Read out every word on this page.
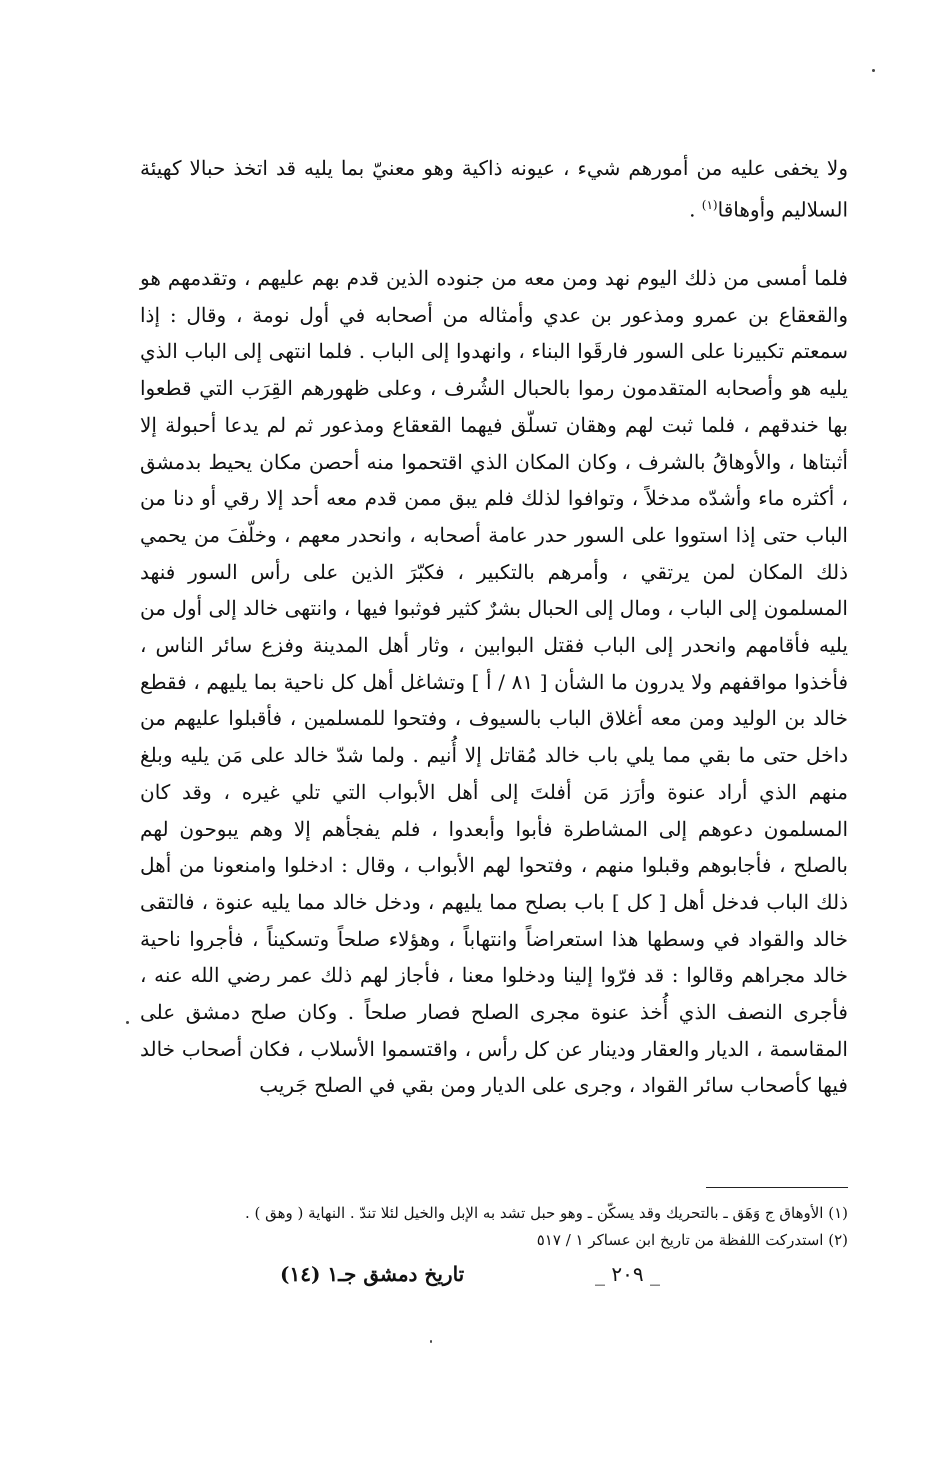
ولا يخفى عليه من أمورهم شيء ، عيونه ذاكية وهو معنيّ بما يليه قد اتخذ حبالا كهيئة السلاليم وأوهاقا$^{(١)}$ .
فلما أمسى من ذلك اليوم نهد ومن معه من جنوده الذين قدم بهم عليهم ، وتقدمهم هو والقعقاع بن عمرو ومذعور بن عدي وأمثاله من أصحابه في أول نومة ، وقال : إذا سمعتم تكبيرنا على السور فارقَوا البناء ، وانهدوا إلى الباب . فلما انتهى إلى الباب الذي يليه هو وأصحابه المتقدمون رموا بالحبال الشُرف ، وعلى ظهورهم القِرَب التي قطعوا بها خندقهم ، فلما ثبت لهم وهقان تسلّق فيهما القعقاع ومذعور ثم لم يدعا أحبولة إلا أثبتاها ، والأوهاقُ بالشرف ، وكان المكان الذي اقتحموا منه أحصن مكان يحيط بدمشق ، أكثره ماء وأشدّه مدخلاً ، وتوافوا لذلك فلم يبق ممن قدم معه أحد إلا رقي أو دنا من الباب حتى إذا استووا على السور حدر عامة أصحابه ، وانحدر معهم ، وخلّفَ من يحمي ذلك المكان لمن يرتقي ، وأمرهم بالتكبير ، فكبّرَ الذين على رأس السور فنهد المسلمون إلى الباب ، ومال إلى الحبال بشرٌ كثير فوثبوا فيها ، وانتهى خالد إلى أول من يليه فأقامهم وانحدر إلى الباب فقتل البوابين ، وثار أهل المدينة وفزع سائر الناس ، فأخذوا مواقفهم ولا يدرون ما الشأن [ ٨١ / أ ] وتشاغل أهل كل ناحية بما يليهم ، فقطع خالد بن الوليد ومن معه أغلاق الباب بالسيوف ، وفتحوا للمسلمين ، فأقبلوا عليهم من داخل حتى ما بقي مما يلي باب خالد مُقاتل إلا أُنيم . ولما شدّ خالد على مَن يليه وبلغ منهم الذي أراد عنوة وأرَز مَن أفلتَ إلى أهل الأبواب التي تلي غيره ، وقد كان المسلمون دعوهم إلى المشاطرة فأبوا وأبعدوا ، فلم يفجأهم إلا وهم يبوحون لهم بالصلح ، فأجابوهم وقبلوا منهم ، وفتحوا لهم الأبواب ، وقال : ادخلوا وامنعونا من أهل ذلك الباب فدخل أهل [ كل ] باب بصلح مما يليهم ، ودخل خالد مما يليه عنوة ، فالتقى خالد والقواد في وسطها هذا استعراضاً وانتهاباً ، وهؤلاء صلحاً وتسكيناً ، فأجروا ناحية خالد مجراهم وقالوا : قد فرّوا إلينا ودخلوا معنا ، فأجاز لهم ذلك عمر رضي الله عنه ، فأجرى النصف الذي أُخذ عنوة مجرى الصلح فصار صلحاً . وكان صلح دمشق على المقاسمة ، الديار والعقار ودينار عن كل رأس ، واقتسموا الأسلاب ، فكان أصحاب خالد فيها كأصحاب سائر القواد ، وجرى على الديار ومن بقي في الصلح جَريب
(١) الأوهاق ج وَهَق ـ بالتحريك وقد يسكّن ـ وهو حبل تشد به الإبل والخيل لئلا تندّ . النهاية ( وهق ) .
(٢) استدركت اللفظة من تاريخ ابن عساكر ١ / ٥١٧
_ ٢٠٩ _
تاريخ دمشق جـ١ (١٤)
